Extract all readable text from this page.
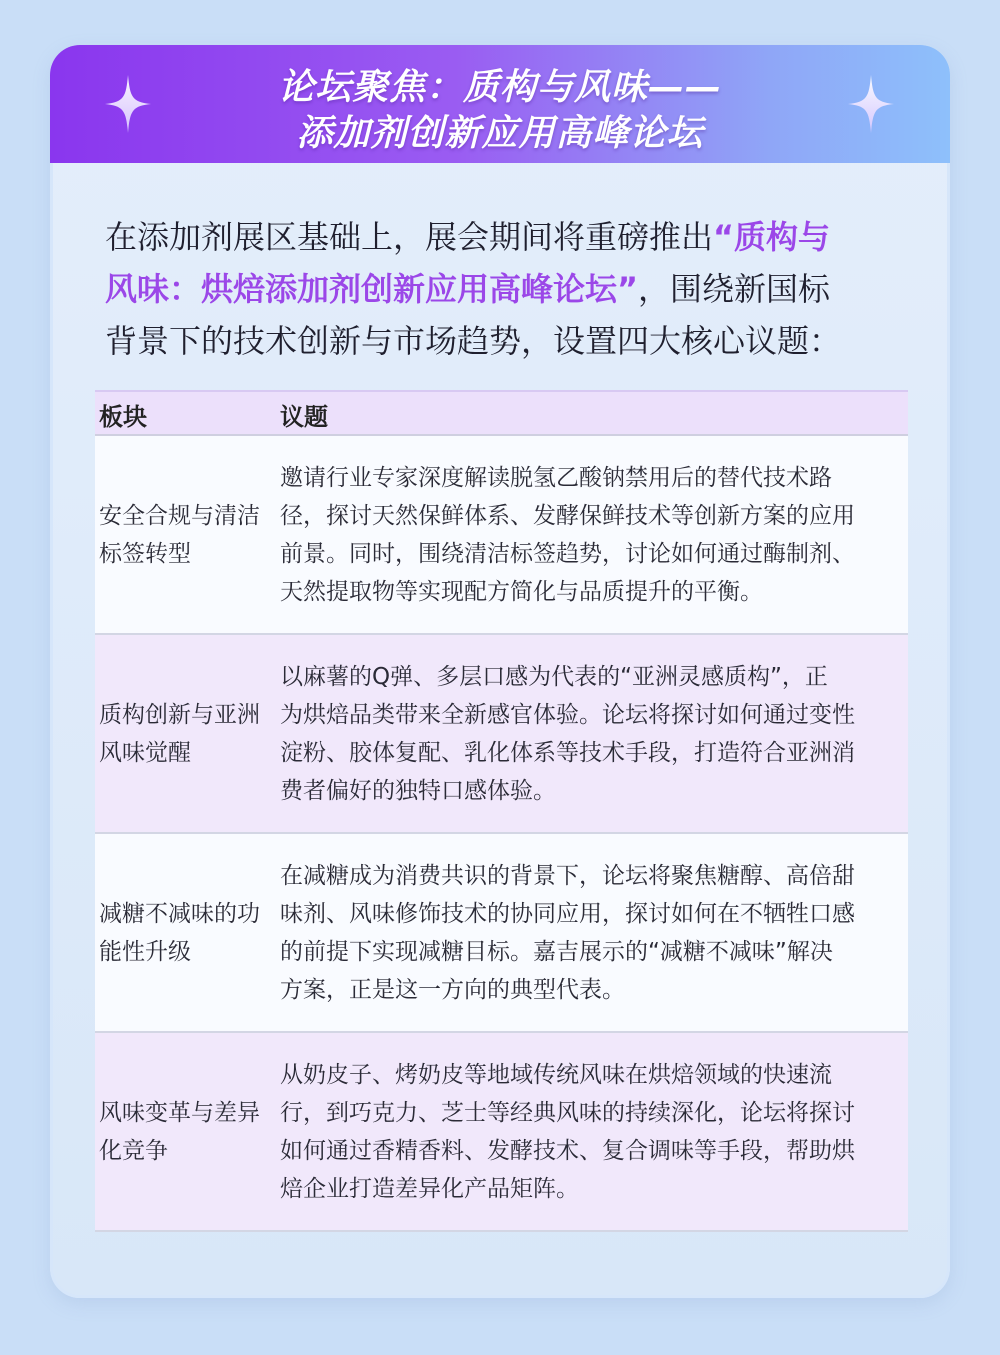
论坛聚焦：质构与风味——
添加剂创新应用高峰论坛
在添加剂展区基础上，展会期间将重磅推出“质构与
风味：烘焙添加剂创新应用高峰论坛”，围绕新国标
背景下的技术创新与市场趋势，设置四大核心议题：
板块	议题
安全合规与清洁标签转型
邀请行业专家深度解读脱氢乙酸钠禁用后的替代技术路
径，探讨天然保鲜体系、发酵保鲜技术等创新方案的应用
前景。同时，围绕清洁标签趋势，讨论如何通过酶制剂、
天然提取物等实现配方简化与品质提升的平衡。
质构创新与亚洲风味觉醒
以麻薯的Q弹、多层口感为代表的“亚洲灵感质构”，正
为烘焙品类带来全新感官体验。论坛将探讨如何通过变性
淀粉、胶体复配、乳化体系等技术手段，打造符合亚洲消
费者偏好的独特口感体验。
减糖不减味的功能性升级
在减糖成为消费共识的背景下，论坛将聚焦糖醇、高倍甜
味剂、风味修饰技术的协同应用，探讨如何在不牺牲口感
的前提下实现减糖目标。嘉吉展示的“减糖不减味”解决
方案，正是这一方向的典型代表。
风味变革与差异化竞争
从奶皮子、烤奶皮等地域传统风味在烘焙领域的快速流
行，到巧克力、芝士等经典风味的持续深化，论坛将探讨
如何通过香精香料、发酵技术、复合调味等手段，帮助烘
焙企业打造差异化产品矩阵。
